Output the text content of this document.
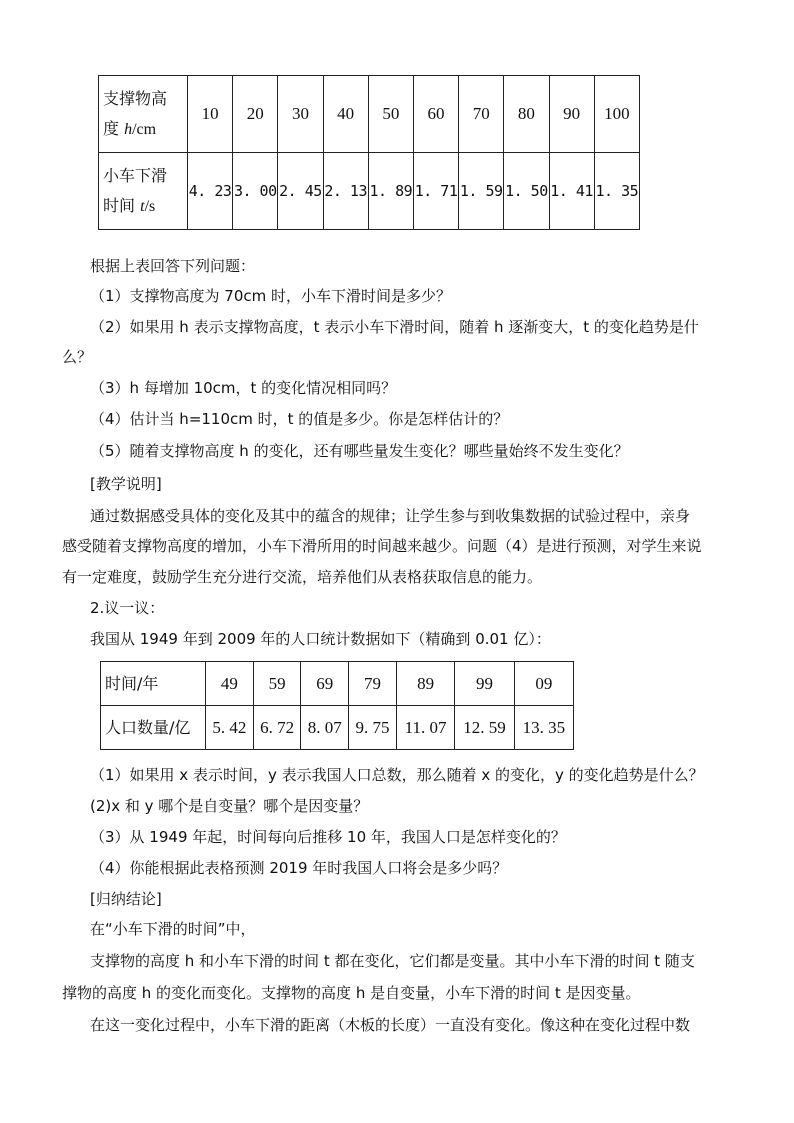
支撑物高
度 h/cm	10	20	30	40	50	60	70	80	90	100
小车下滑
时间 t/s	4. 23	3. 00	2. 45	2. 13	1. 89	1. 71	1. 59	1. 50	1. 41	1. 35
根据上表回答下列问题：
（1）支撑物高度为 70cm 时，小车下滑时间是多少？
（2）如果用 h 表示支撑物高度，t 表示小车下滑时间，随着 h 逐渐变大，t 的变化趋势是什
么？
（3）h 每增加 10cm，t 的变化情况相同吗？
（4）估计当 h=110cm 时，t 的值是多少。你是怎样估计的？
（5）随着支撑物高度 h 的变化，还有哪些量发生变化？哪些量始终不发生变化？
[教学说明]
通过数据感受具体的变化及其中的蕴含的规律；让学生参与到收集数据的试验过程中，亲身
感受随着支撑物高度的增加，小车下滑所用的时间越来越少。问题（4）是进行预测，对学生来说
有一定难度，鼓励学生充分进行交流，培养他们从表格获取信息的能力。
2.议一议：
我国从 1949 年到 2009 年的人口统计数据如下（精确到 0.01 亿）：
时间/年	49	59	69	79	89	99	09
人口数量/亿	5. 42	6. 72	8. 07	9. 75	11. 07	12. 59	13. 35
（1）如果用 x 表示时间，y 表示我国人口总数，那么随着 x 的变化，y 的变化趋势是什么？
(2)x 和 y 哪个是自变量？哪个是因变量？
（3）从 1949 年起，时间每向后推移 10 年，我国人口是怎样变化的？
（4）你能根据此表格预测 2019 年时我国人口将会是多少吗？
[归纳结论]
在“小车下滑的时间”中，
支撑物的高度 h 和小车下滑的时间 t 都在变化，它们都是变量。其中小车下滑的时间 t 随支
撑物的高度 h 的变化而变化。支撑物的高度 h 是自变量，小车下滑的时间 t 是因变量。
在这一变化过程中，小车下滑的距离（木板的长度）一直没有变化。像这种在变化过程中数
